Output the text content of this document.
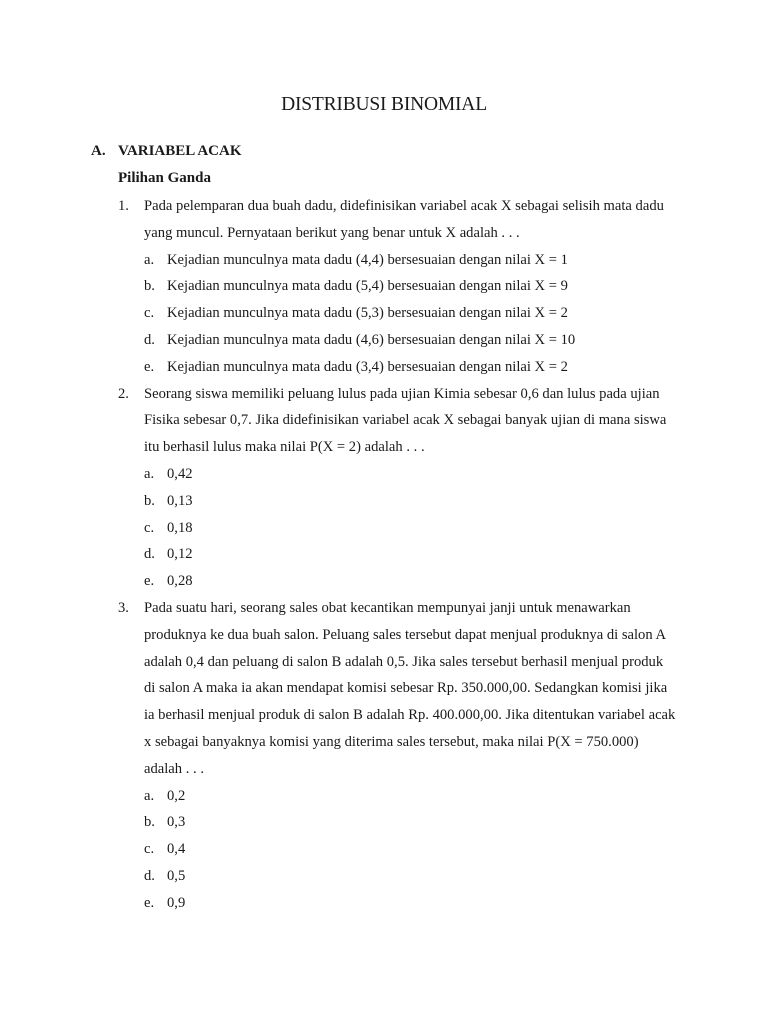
DISTRIBUSI BINOMIAL
A. VARIABEL ACAK
Pilihan Ganda
1. Pada pelemparan dua buah dadu, didefinisikan variabel acak X sebagai selisih mata dadu yang muncul. Pernyataan berikut yang benar untuk X adalah . . .
a. Kejadian munculnya mata dadu (4,4) bersesuaian dengan nilai X = 1
b. Kejadian munculnya mata dadu (5,4) bersesuaian dengan nilai X = 9
c. Kejadian munculnya mata dadu (5,3) bersesuaian dengan nilai X = 2
d. Kejadian munculnya mata dadu (4,6) bersesuaian dengan nilai X = 10
e. Kejadian munculnya mata dadu (3,4) bersesuaian dengan nilai X = 2
2. Seorang siswa memiliki peluang lulus pada ujian Kimia sebesar 0,6 dan lulus pada ujian Fisika sebesar 0,7. Jika didefinisikan variabel acak X sebagai banyak ujian di mana siswa itu berhasil lulus maka nilai P(X = 2) adalah . . .
a. 0,42
b. 0,13
c. 0,18
d. 0,12
e. 0,28
3. Pada suatu hari, seorang sales obat kecantikan mempunyai janji untuk menawarkan produknya ke dua buah salon. Peluang sales tersebut dapat menjual produknya di salon A adalah 0,4 dan peluang di salon B adalah 0,5. Jika sales tersebut berhasil menjual produk di salon A maka ia akan mendapat komisi sebesar Rp. 350.000,00. Sedangkan komisi jika ia berhasil menjual produk di salon B adalah Rp. 400.000,00. Jika ditentukan variabel acak x sebagai banyaknya komisi yang diterima sales tersebut, maka nilai P(X = 750.000) adalah . . .
a. 0,2
b. 0,3
c. 0,4
d. 0,5
e. 0,9
